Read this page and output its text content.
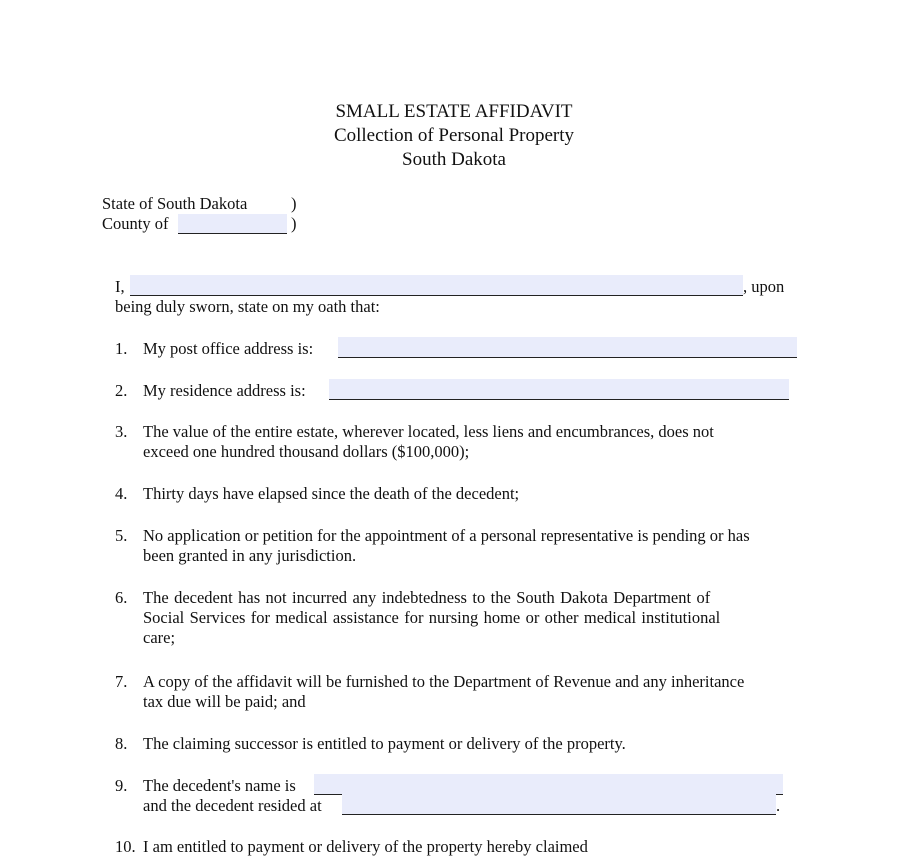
SMALL ESTATE AFFIDAVIT
Collection of Personal Property
South Dakota
State of South Dakota	)
County of	)
I,	, upon
being duly sworn, state on my oath that:
1. My post office address is:
2. My residence address is:
3. The value of the entire estate, wherever located, less liens and encumbrances, does not
exceed one hundred thousand dollars ($100,000);
4. Thirty days have elapsed since the death of the decedent;
5. No application or petition for the appointment of a personal representative is pending or has
been granted in any jurisdiction.
6. The decedent has not incurred any indebtedness to the South Dakota Department of
Social Services for medical assistance for nursing home or other medical institutional
care;
7. A copy of the affidavit will be furnished to the Department of Revenue and any inheritance
tax due will be paid; and
8. The claiming successor is entitled to payment or delivery of the property.
9. The decedent's name is
and the decedent resided at	.
10. I am entitled to payment or delivery of the property hereby claimed
